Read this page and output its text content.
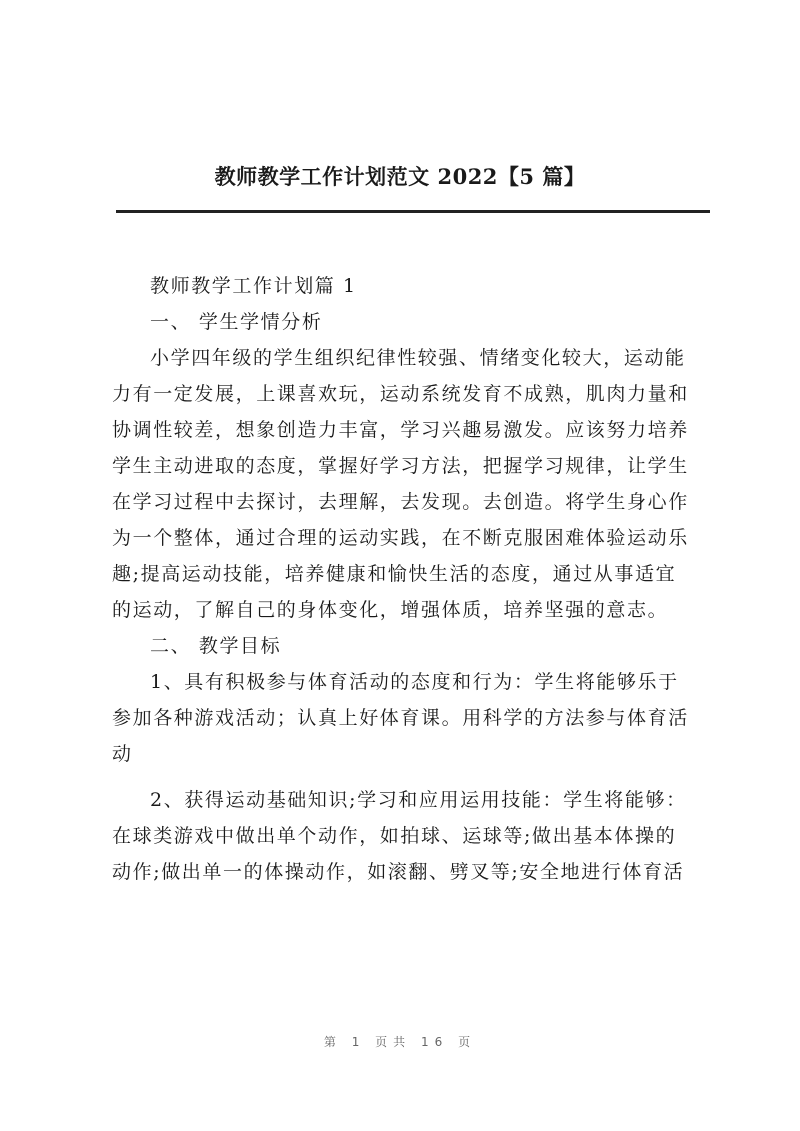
教师教学工作计划范文 2022【5 篇】

教师教学工作计划篇 1

一、 学生学情分析

小学四年级的学生组织纪律性较强、情绪变化较大，运动能

力有一定发展，上课喜欢玩，运动系统发育不成熟，肌肉力量和

协调性较差，想象创造力丰富，学习兴趣易激发。应该努力培养

学生主动进取的态度，掌握好学习方法，把握学习规律，让学生

在学习过程中去探讨，去理解，去发现。去创造。将学生身心作

为一个整体，通过合理的运动实践，在不断克服困难体验运动乐

趣;提高运动技能，培养健康和愉快生活的态度，通过从事适宜

的运动，了解自己的身体变化，增强体质，培养坚强的意志。

二、 教学目标

1、具有积极参与体育活动的态度和行为：学生将能够乐于

参加各种游戏活动；认真上好体育课。用科学的方法参与体育活

动

2、获得运动基础知识;学习和应用运用技能：学生将能够：

在球类游戏中做出单个动作，如拍球、运球等;做出基本体操的

动作;做出单一的体操动作，如滚翻、劈叉等;安全地进行体育活

第 1 页共 16 页
